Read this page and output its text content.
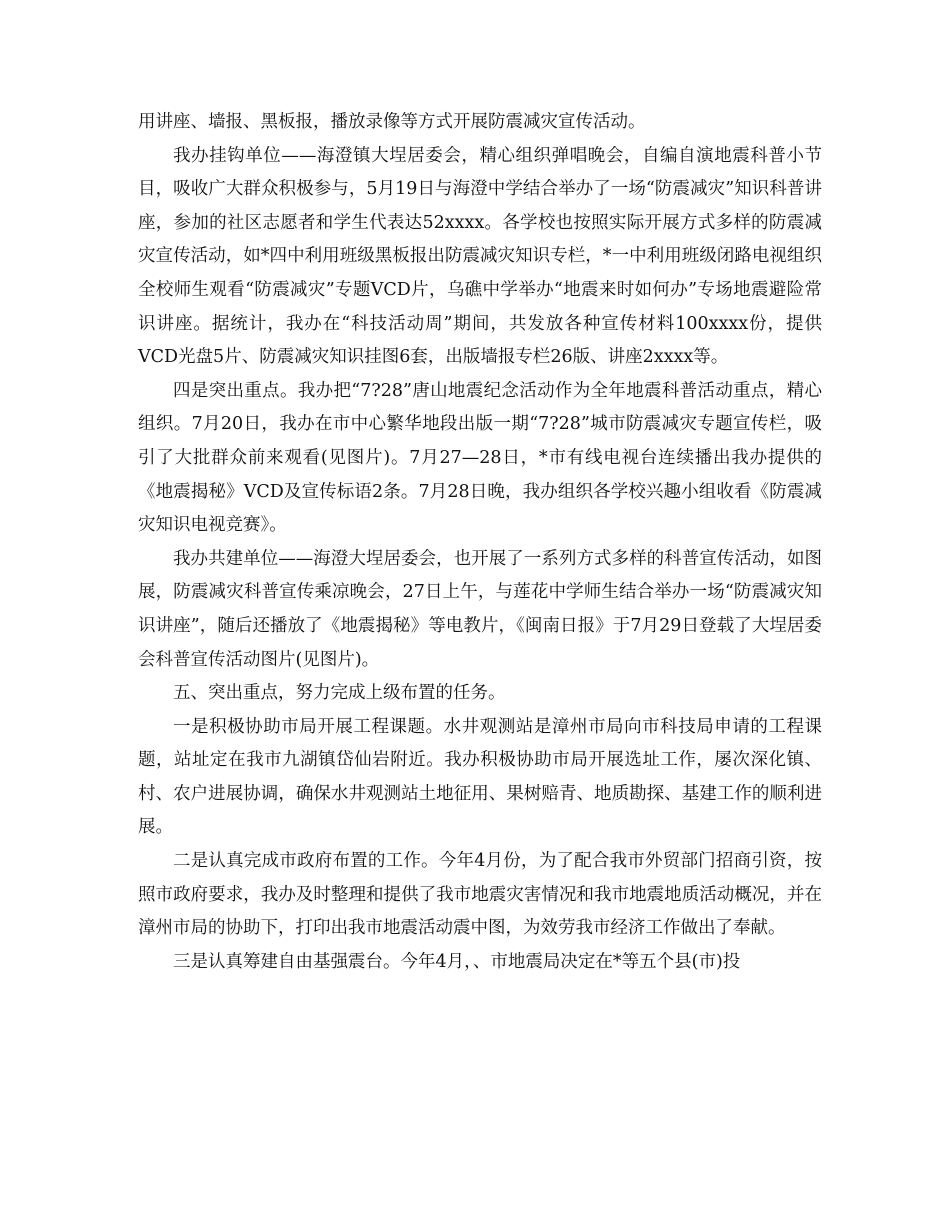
用讲座、墙报、黑板报，播放录像等方式开展防震减灾宣传活动。

我办挂钩单位——海澄镇大埕居委会，精心组织弹唱晚会，自编自演地震科普小节目，吸收广大群众积极参与，5月19日与海澄中学结合举办了一场“防震减灾”知识科普讲座，参加的社区志愿者和学生代表达52xxxx。各学校也按照实际开展方式多样的防震减灾宣传活动，如*四中利用班级黑板报出防震减灾知识专栏，*一中利用班级闭路电视组织全校师生观看“防震减灾”专题VCD片，乌礁中学举办“地震来时如何办”专场地震避险常识讲座。据统计，我办在“科技活动周”期间，共发放各种宣传材料100xxxx份，提供VCD光盘5片、防震减灾知识挂图6套，出版墙报专栏26版、讲座2xxxx等。

四是突出重点。我办把“7?28”唐山地震纪念活动作为全年地震科普活动重点，精心组织。7月20日，我办在市中心繁华地段出版一期“7?28”城市防震减灾专题宣传栏，吸引了大批群众前来观看(见图片)。7月27—28日，*市有线电视台连续播出我办提供的《地震揭秘》VCD及宣传标语2条。7月28日晚，我办组织各学校兴趣小组收看《防震减灾知识电视竞赛》。

我办共建单位——海澄大埕居委会，也开展了一系列方式多样的科普宣传活动，如图展，防震减灾科普宣传乘凉晚会，27日上午，与莲花中学师生结合举办一场“防震减灾知识讲座”，随后还播放了《地震揭秘》等电教片，《闽南日报》于7月29日登载了大埕居委会科普宣传活动图片(见图片)。

五、突出重点，努力完成上级布置的任务。

一是积极协助市局开展工程课题。水井观测站是漳州市局向市科技局申请的工程课题，站址定在我市九湖镇岱仙岩附近。我办积极协助市局开展选址工作，屡次深化镇、村、农户进展协调，确保水井观测站土地征用、果树赔青、地质勘探、基建工作的顺利进展。

二是认真完成市政府布置的工作。今年4月份，为了配合我市外贸部门招商引资，按照市政府要求，我办及时整理和提供了我市地震灾害情况和我市地震地质活动概况，并在漳州市局的协助下，打印出我市地震活动震中图，为效劳我市经济工作做出了奉献。

三是认真筹建自由基强震台。今年4月，、市地震局决定在*等五个县(市)投
